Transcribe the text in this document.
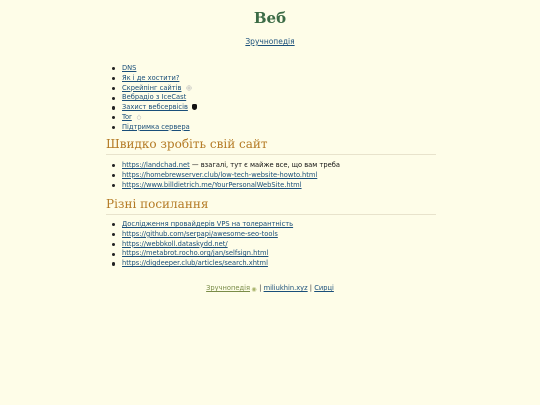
Веб
Зручнопедія
DNS
Як і де хостити?
Скрейпінг сайтів
Вебрадіо з IceCast
Захист вебсервісів
Tor
Підтримка сервера
Швидко зробіть свій сайт
https://landchad.net — взагалі, тут є майже все, що вам треба
https://homebrewserver.club/low-tech-website-howto.html
https://www.billdietrich.me/YourPersonalWebSite.html
Різні посилання
Дослідження провайдерів VPS на толерантність
https://github.com/serpapi/awesome-seo-tools
https://webbkoll.dataskydd.net/
https://metabrot.rocho.org/jan/selfsign.html
https://digdeeper.club/articles/search.xhtml
Зручнопедія◉ | miliukhin.xyz | Сирці
